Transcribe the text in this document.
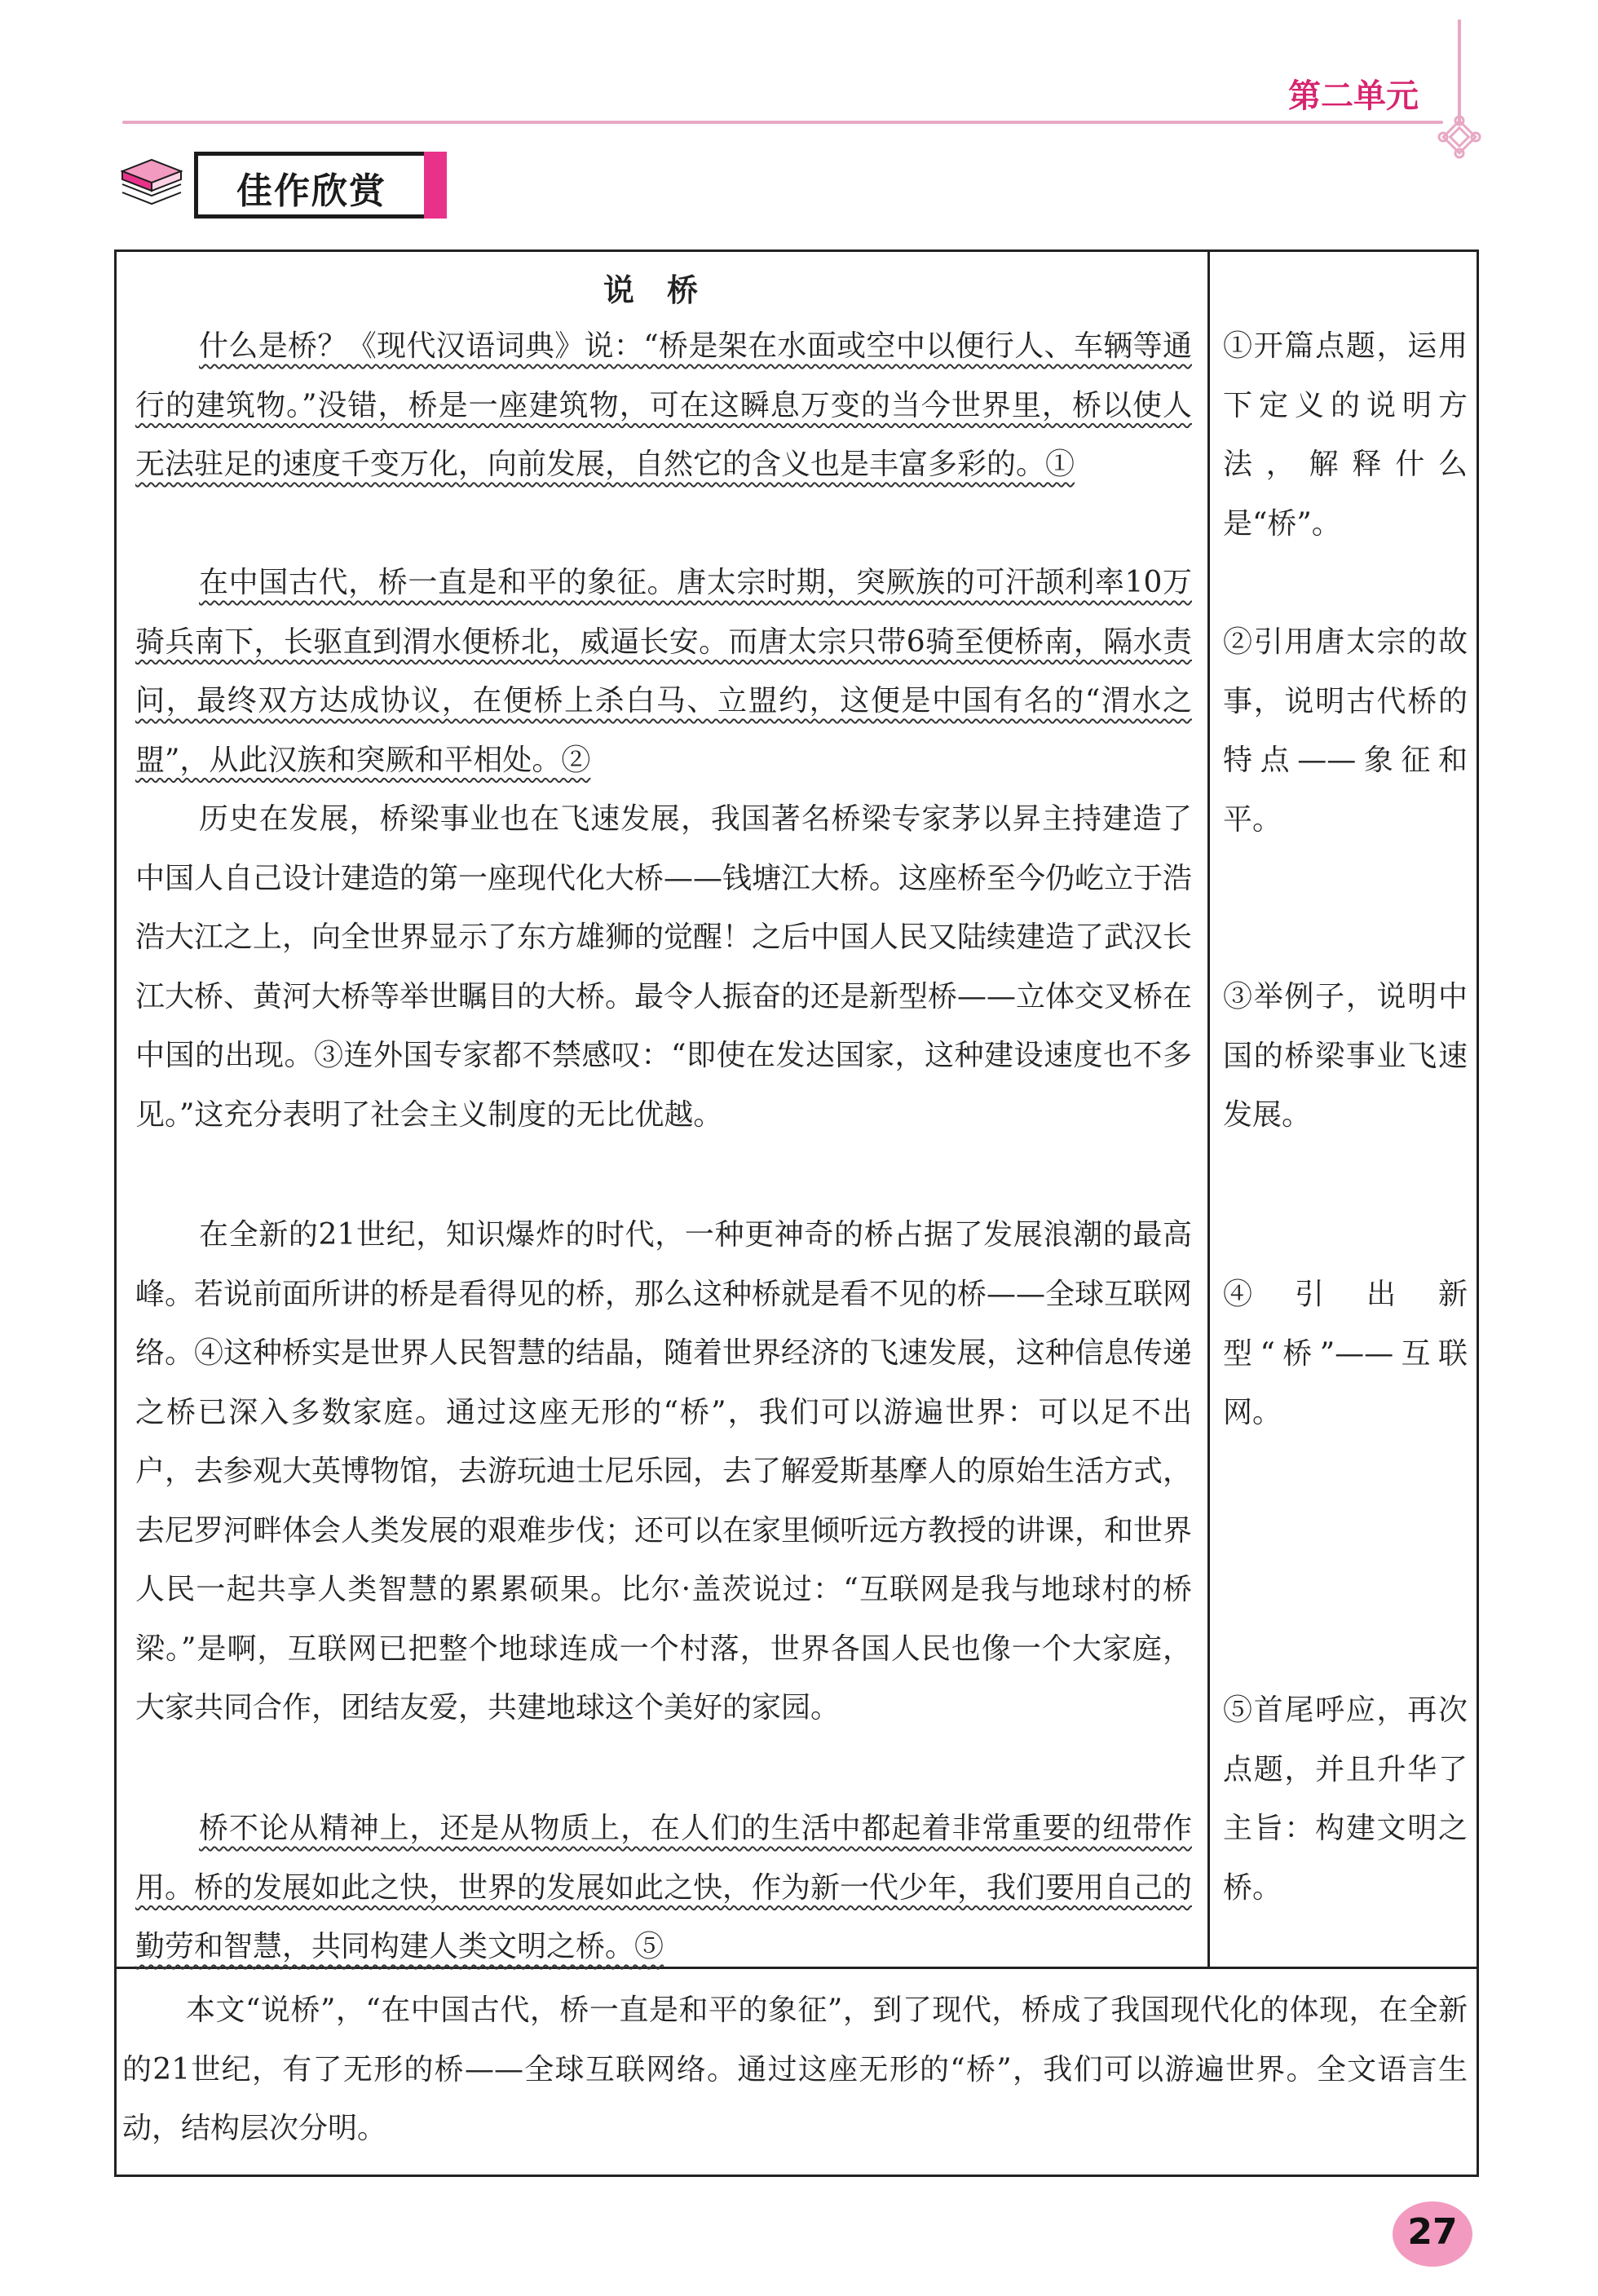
第二单元
佳作欣赏
说桥

什么是桥？《现代汉语词典》说：“桥是架在水面或空中以便行人、车辆等通行的建筑物。”没错，桥是一座建筑物，可在这瞬息万变的当今世界里，桥以使人无法驻足的速度千变万化，向前发展，自然它的含义也是丰富多彩的。①

在中国古代，桥一直是和平的象征。唐太宗时期，突厥族的可汗颉利率10万骑兵南下，长驱直到渭水便桥北，威逼长安。而唐太宗只带6骑至便桥南，隔水责问，最终双方达成协议，在便桥上杀白马、立盟约，这便是中国有名的“渭水之盟”，从此汉族和突厥和平相处。②

历史在发展，桥梁事业也在飞速发展，我国著名桥梁专家茅以昇主持建造了中国人自己设计建造的第一座现代化大桥——钱塘江大桥。这座桥至今仍屹立于浩浩大江之上，向全世界显示了东方雄狮的觉醒！之后中国人民又陆续建造了武汉长江大桥、黄河大桥等举世瞩目的大桥。最令人振奋的还是新型桥——立体交叉桥在中国的出现。③连外国专家都不禁感叹：“即使在发达国家，这种建设速度也不多见。”这充分表明了社会主义制度的无比优越。

在全新的21世纪，知识爆炸的时代，一种更神奇的桥占据了发展浪潮的最高峰。若说前面所讲的桥是看得见的桥，那么这种桥就是看不见的桥——全球互联网络。④这种桥实是世界人民智慧的结晶，随着世界经济的飞速发展，这种信息传递之桥已深入多数家庭。通过这座无形的“桥”，我们可以游遍世界：可以足不出户，去参观大英博物馆，去游玩迪士尼乐园，去了解爱斯基摩人的原始生活方式，去尼罗河畔体会人类发展的艰难步伐；还可以在家里倾听远方教授的讲课，和世界人民一起共享人类智慧的累累硕果。比尔·盖茨说过：“互联网是我与地球村的桥梁。”是啊，互联网已把整个地球连成一个村落，世界各国人民也像一个大家庭，大家共同合作，团结友爱，共建地球这个美好的家园。

桥不论从精神上，还是从物质上，在人们的生活中都起着非常重要的纽带作用。桥的发展如此之快，世界的发展如此之快，作为新一代少年，我们要用自己的勤劳和智慧，共同构建人类文明之桥。⑤

①开篇点题，运用下定义的说明方法，解释什么是“桥”。

②引用唐太宗的故事，说明古代桥的特点——象征和平。

③举例子，说明中国的桥梁事业飞速发展。

④引出新型“桥”——互联网。

⑤首尾呼应，再次点题，并且升华了主旨：构建文明之桥。

本文“说桥”，“在中国古代，桥一直是和平的象征”，到了现代，桥成了我国现代化的体现，在全新的21世纪，有了无形的桥——全球互联网络。通过这座无形的“桥”，我们可以游遍世界。全文语言生动，结构层次分明。

27
